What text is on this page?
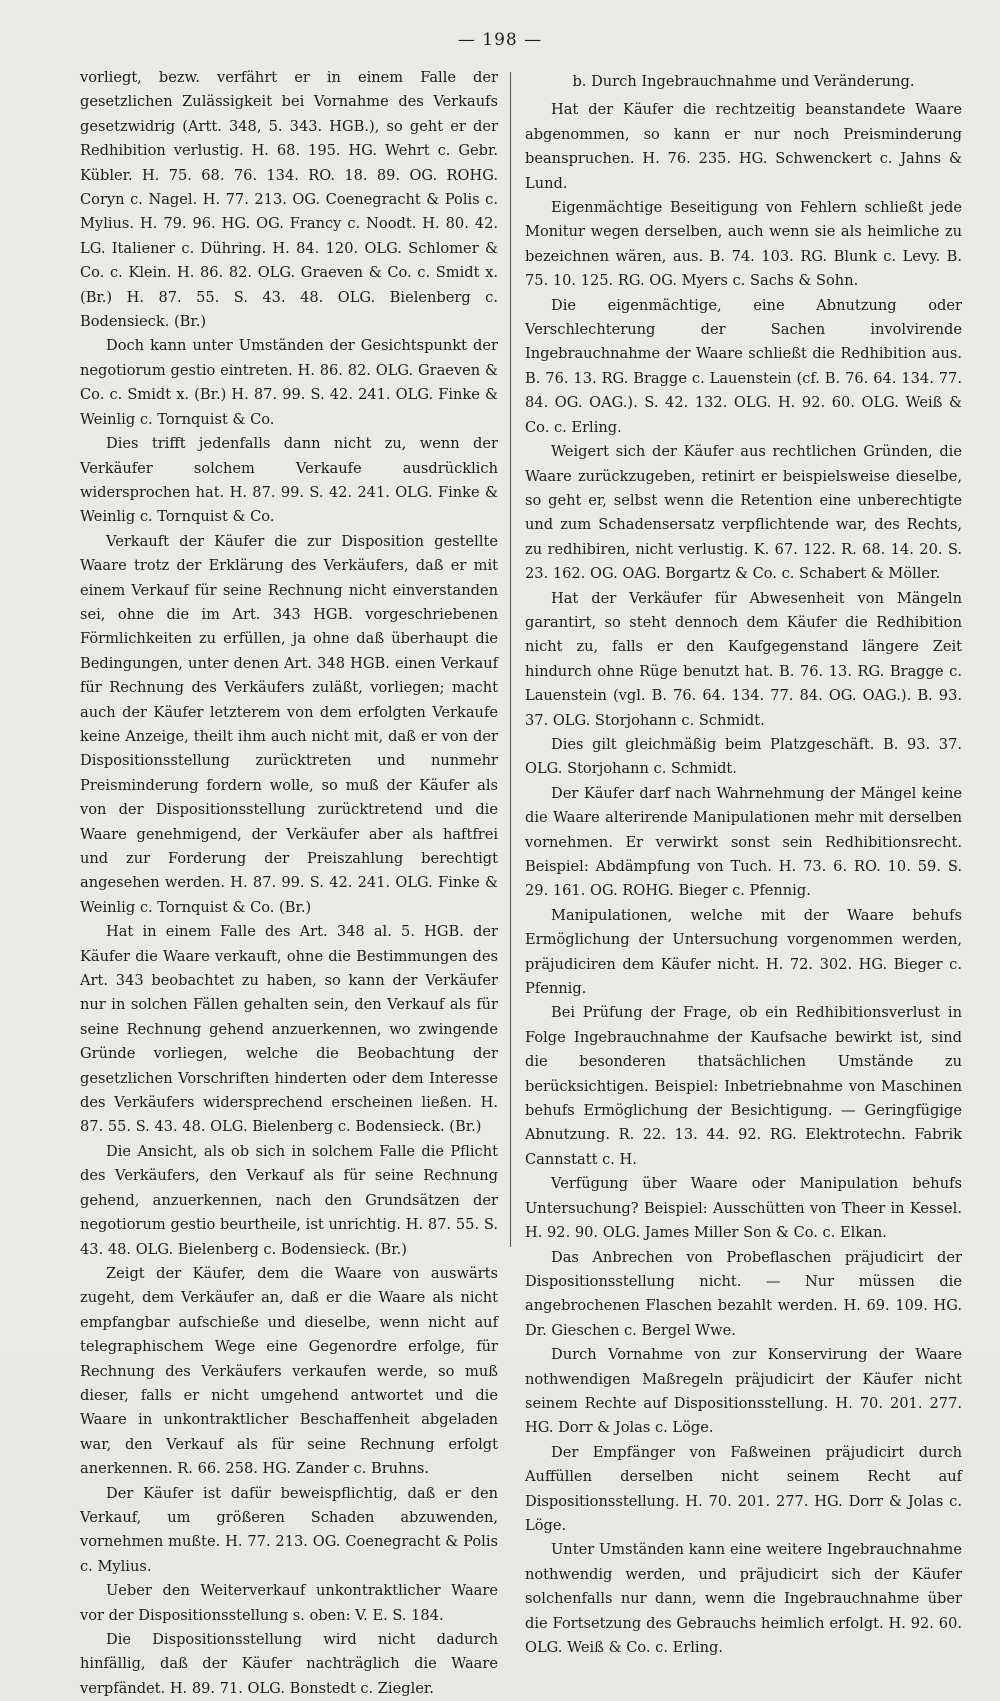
— 198 —

vorliegt, bezw. verfährt er in einem Falle der gesetzlichen Zulässigkeit bei Vornahme des Verkaufs gesetzwidrig (Artt. 348, 5. 343. HGB.), so geht er der Redhibition verlustig. H. 68. 195. HG. Wehrt c. Gebr. Kübler. H. 75. 68. 76. 134. RO. 18. 89. OG. ROHG. Coryn c. Nagel. H. 77. 213. OG. Coenegracht & Polis c. Mylius. H. 79. 96. HG. OG. Francy c. Noodt. H. 80. 42. LG. Italiener c. Dühring. H. 84. 120. OLG. Schlomer & Co. c. Klein. H. 86. 82. OLG. Graeven & Co. c. Smidt x. (Br.) H. 87. 55. S. 43. 48. OLG. Bielenberg c. Bodensieck. (Br.)

Doch kann unter Umständen der Gesichtspunkt der negotiorum gestio eintreten. H. 86. 82. OLG. Graeven & Co. c. Smidt x. (Br.) H. 87. 99. S. 42. 241. OLG. Finke & Weinlig c. Tornquist & Co.

Dies trifft jedenfalls dann nicht zu, wenn der Verkäufer solchem Verkaufe ausdrücklich widersprochen hat. H. 87. 99. S. 42. 241. OLG. Finke & Weinlig c. Tornquist & Co.

Verkauft der Käufer die zur Disposition gestellte Waare trotz der Erklärung des Verkäufers, daß er mit einem Verkauf für seine Rechnung nicht einverstanden sei, ohne die im Art. 343 HGB. vorgeschriebenen Förmlichkeiten zu erfüllen, ja ohne daß überhaupt die Bedingungen, unter denen Art. 348 HGB. einen Verkauf für Rechnung des Verkäufers zuläßt, vorliegen; macht auch der Käufer letzterem von dem erfolgten Verkaufe keine Anzeige, theilt ihm auch nicht mit, daß er von der Dispositionsstellung zurücktreten und nunmehr Preisminderung fordern wolle, so muß der Käufer als von der Dispositionsstellung zurücktretend und die Waare genehmigend, der Verkäufer aber als haftfrei und zur Forderung der Preiszahlung berechtigt angesehen werden. H. 87. 99. S. 42. 241. OLG. Finke & Weinlig c. Tornquist & Co. (Br.)

Hat in einem Falle des Art. 348 al. 5. HGB. der Käufer die Waare verkauft, ohne die Bestimmungen des Art. 343 beobachtet zu haben, so kann der Verkäufer nur in solchen Fällen gehalten sein, den Verkauf als für seine Rechnung gehend anzuerkennen, wo zwingende Gründe vorliegen, welche die Beobachtung der gesetzlichen Vorschriften hinderten oder dem Interesse des Verkäufers widersprechend erscheinen ließen. H. 87. 55. S. 43. 48. OLG. Bielenberg c. Bodensieck. (Br.)

Die Ansicht, als ob sich in solchem Falle die Pflicht des Verkäufers, den Verkauf als für seine Rechnung gehend, anzuerkennen, nach den Grundsätzen der negotiorum gestio beurtheile, ist unrichtig. H. 87. 55. S. 43. 48. OLG. Bielenberg c. Bodensieck. (Br.)

Zeigt der Käufer, dem die Waare von auswärts zugeht, dem Verkäufer an, daß er die Waare als nicht empfangbar aufschieße und dieselbe, wenn nicht auf telegraphischem Wege eine Gegenordre erfolge, für Rechnung des Verkäufers verkaufen werde, so muß dieser, falls er nicht umgehend antwortet und die Waare in unkontraktlicher Beschaffenheit abgeladen war, den Verkauf als für seine Rechnung erfolgt anerkennen. R. 66. 258. HG. Zander c. Bruhns.

Der Käufer ist dafür beweispflichtig, daß er den Verkauf, um größeren Schaden abzuwenden, vornehmen mußte. H. 77. 213. OG. Coenegracht & Polis c. Mylius.

Ueber den Weiterverkauf unkontraktlicher Waare vor der Dispositionsstellung s. oben: V. E. S. 184.

Die Dispositionsstellung wird nicht dadurch hinfällig, daß der Käufer nachträglich die Waare verpfändet. H. 89. 71. OLG. Bonstedt c. Ziegler.

b. Durch Ingebrauchnahme und Veränderung.

Hat der Käufer die rechtzeitig beanstandete Waare abgenommen, so kann er nur noch Preisminderung beanspruchen. H. 76. 235. HG. Schwenckert c. Jahns & Lund.

Eigenmächtige Beseitigung von Fehlern schließt jede Monitur wegen derselben, auch wenn sie als heimliche zu bezeichnen wären, aus. B. 74. 103. RG. Blunk c. Levy. B. 75. 10. 125. RG. OG. Myers c. Sachs & Sohn.

Die eigenmächtige, eine Abnutzung oder Verschlechterung der Sachen involvirende Ingebrauchnahme der Waare schließt die Redhibition aus. B. 76. 13. RG. Bragge c. Lauenstein (cf. B. 76. 64. 134. 77. 84. OG. OAG.). S. 42. 132. OLG. H. 92. 60. OLG. Weiß & Co. c. Erling.

Weigert sich der Käufer aus rechtlichen Gründen, die Waare zurückzugeben, retinirt er beispielsweise dieselbe, so geht er, selbst wenn die Retention eine unberechtigte und zum Schadensersatz verpflichtende war, des Rechts, zu redhibiren, nicht verlustig. K. 67. 122. R. 68. 14. 20. S. 23. 162. OG. OAG. Borgartz & Co. c. Schabert & Möller.

Hat der Verkäufer für Abwesenheit von Mängeln garantirt, so steht dennoch dem Käufer die Redhibition nicht zu, falls er den Kaufgegenstand längere Zeit hindurch ohne Rüge benutzt hat. B. 76. 13. RG. Bragge c. Lauenstein (vgl. B. 76. 64. 134. 77. 84. OG. OAG.). B. 93. 37. OLG. Storjohann c. Schmidt.

Dies gilt gleichmäßig beim Platzgeschäft. B. 93. 37. OLG. Storjohann c. Schmidt.

Der Käufer darf nach Wahrnehmung der Mängel keine die Waare alterirende Manipulationen mehr mit derselben vornehmen. Er verwirkt sonst sein Redhibitionsrecht. Beispiel: Abdämpfung von Tuch. H. 73. 6. RO. 10. 59. S. 29. 161. OG. ROHG. Bieger c. Pfennig.

Manipulationen, welche mit der Waare behufs Ermöglichung der Untersuchung vorgenommen werden, präjudiciren dem Käufer nicht. H. 72. 302. HG. Bieger c. Pfennig.

Bei Prüfung der Frage, ob ein Redhibitionsverlust in Folge Ingebrauchnahme der Kaufsache bewirkt ist, sind die besonderen thatsächlichen Umstände zu berücksichtigen. Beispiel: Inbetriebnahme von Maschinen behufs Ermöglichung der Besichtigung. — Geringfügige Abnutzung. R. 22. 13. 44. 92. RG. Elektrotechn. Fabrik Cannstatt c. H.

Verfügung über Waare oder Manipulation behufs Untersuchung? Beispiel: Ausschütten von Theer in Kessel. H. 92. 90. OLG. James Miller Son & Co. c. Elkan.

Das Anbrechen von Probeflaschen präjudicirt der Dispositionsstellung nicht. — Nur müssen die angebrochenen Flaschen bezahlt werden. H. 69. 109. HG. Dr. Gieschen c. Bergel Wwe.

Durch Vornahme von zur Konservirung der Waare nothwendigen Maßregeln präjudicirt der Käufer nicht seinem Rechte auf Dispositionsstellung. H. 70. 201. 277. HG. Dorr & Jolas c. Löge.

Der Empfänger von Faßweinen präjudicirt durch Auffüllen derselben nicht seinem Recht auf Dispositionsstellung. H. 70. 201. 277. HG. Dorr & Jolas c. Löge.

Unter Umständen kann eine weitere Ingebrauchnahme nothwendig werden, und präjudicirt sich der Käufer solchenfalls nur dann, wenn die Ingebrauchnahme über die Fortsetzung des Gebrauchs heimlich erfolgt. H. 92. 60. OLG. Weiß & Co. c. Erling.
